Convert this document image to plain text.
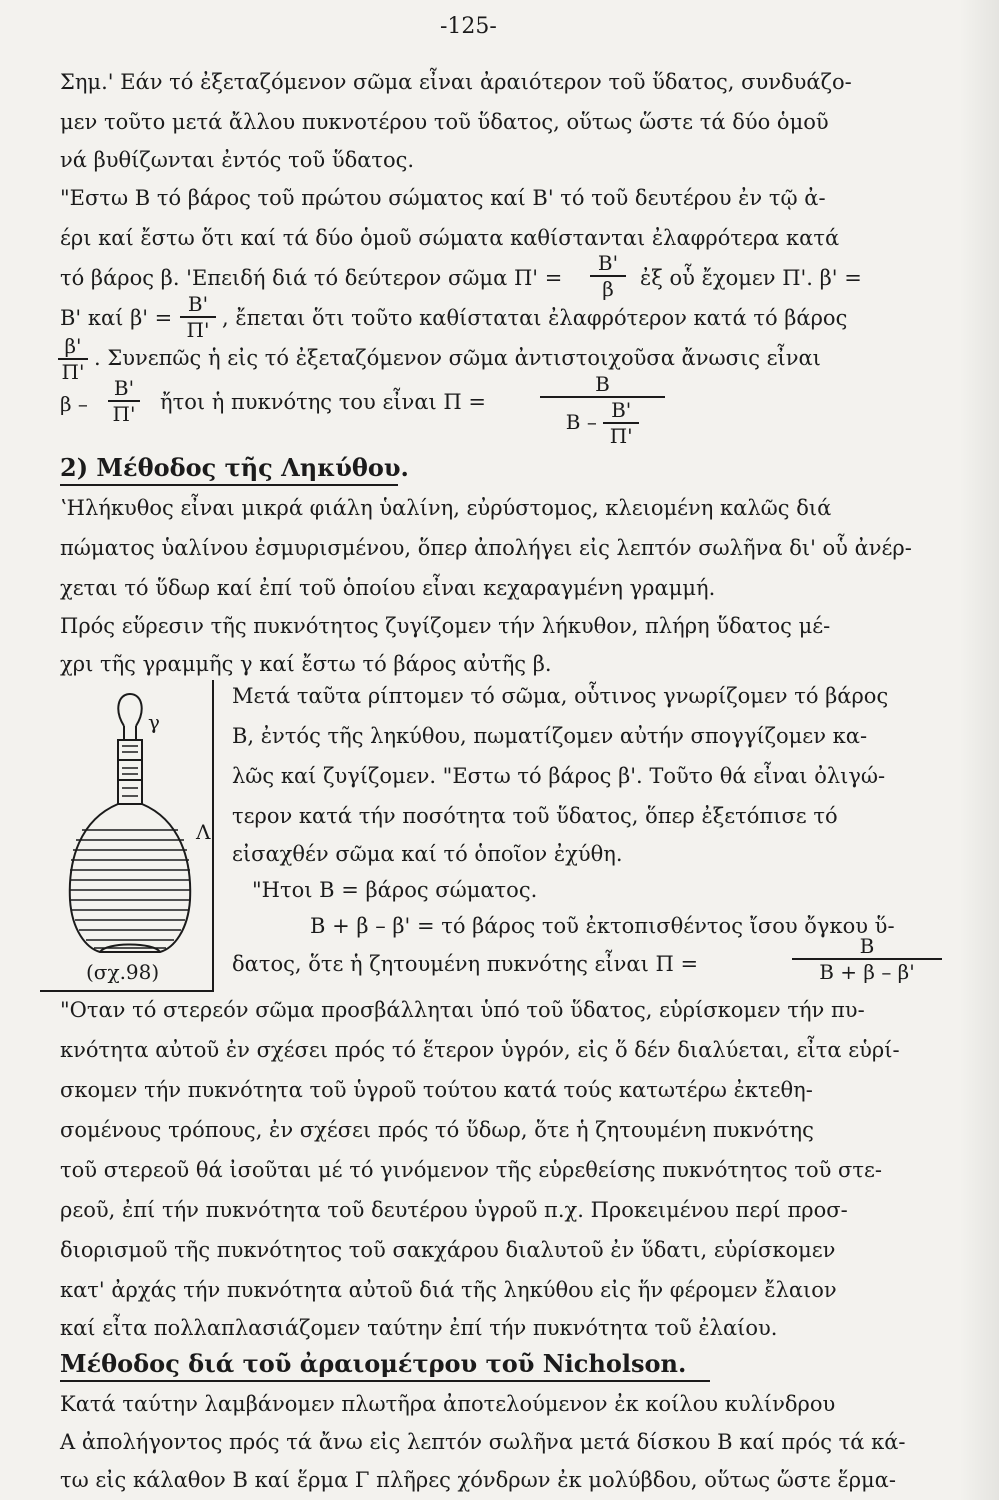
-125-
Σημ.' Εάν τό ἐξεταζόμενον σῶμα εἶναι ἀραιότερον τοῦ ὕδατος, συνδυάζο-
μεν τοῦτο μετά ἄλλου πυκνοτέρου τοῦ ὕδατος, οὕτως ὥστε τά δύο ὁμοῦ
νά βυθίζωνται ἐντός τοῦ ὕδατος.
"Εστω Β τό βάρος τοῦ πρώτου σώματος καί Β' τό τοῦ δευτέρου ἐν τῷ ἀ-
έρι καί ἔστω ὅτι καί τά δύο ὁμοῦ σώματα καθίστανται ἐλαφρότερα κατά
τό βάρος β. 'Επειδή διά τό δεύτερον σῶμα Π' =
Β'
β	ἐξ οὗ ἔχομεν Π'. β' =
Β' καί β' =
Β'
Π' , ἔπεται ὅτι τοῦτο καθίσταται ἐλαφρότερον κατά τό βάρος
β'
Π'
. Συνεπῶς ἡ εἰς τό ἐξεταζόμενον σῶμα ἀντιστοιχοῦσα ἄνωσις εἶναι
β –
Β'
Π' ἤτοι ἡ πυκνότης του εἶναι Π =
Β
Β – $\frac{B'}{\Pi'}$
2) Μέθοδος τῆς Ληκύθου.
ʽΗλήκυθος εἶναι μικρά φιάλη ὑαλίνη, εὐρύστομος, κλειομένη καλῶς διά
πώματος ὑαλίνου ἐσμυρισμένου, ὅπερ ἀπολήγει εἰς λεπτόν σωλῆνα δι' οὗ ἀνέρ-
χεται τό ὕδωρ καί ἐπί τοῦ ὁποίου εἶναι κεχαραγμένη γραμμή.
Πρός εὕρεσιν τῆς πυκνότητος ζυγίζομεν τήν λήκυθον, πλήρη ὕδατος μέ-
χρι τῆς γραμμῆς γ καί ἔστω τό βάρος αὐτῆς β.
γ
Λ
(σχ.98)
Μετά ταῦτα ρίπτομεν τό σῶμα, οὗτινος γνωρίζομεν τό βάρος
Β, ἐντός τῆς ληκύθου, πωματίζομεν αὐτήν σπογγίζομεν κα-
λῶς καί ζυγίζομεν. "Εστω τό βάρος β'. Τοῦτο θά εἶναι ὀλιγώ-
τερον κατά τήν ποσότητα τοῦ ὕδατος, ὅπερ ἐξετόπισε τό
εἰσαχθέν σῶμα καί τό ὁποῖον ἐχύθη.
"Ητοι Β = βάρος σώματος.
Β + β – β' = τό βάρος τοῦ ἐκτοπισθέντος ἴσου ὄγκου ὕ-
δατος, ὅτε ἡ ζητουμένη πυκνότης εἶναι Π =
Β
Β + β – β'
"Οταν τό στερεόν σῶμα προσβάλληται ὑπό τοῦ ὕδατος, εὑρίσκομεν τήν πυ-
κνότητα αὐτοῦ ἐν σχέσει πρός τό ἕτερον ὑγρόν, εἰς ὅ δέν διαλύεται, εἶτα εὑρί-
σκομεν τήν πυκνότητα τοῦ ὑγροῦ τούτου κατά τούς κατωτέρω ἐκτεθη-
σομένους τρόπους, ἐν σχέσει πρός τό ὕδωρ, ὅτε ἡ ζητουμένη πυκνότης
τοῦ στερεοῦ θά ἰσοῦται μέ τό γινόμενον τῆς εὑρεθείσης πυκνότητος τοῦ στε-
ρεοῦ, ἐπί τήν πυκνότητα τοῦ δευτέρου ὑγροῦ π.χ. Προκειμένου περί προσ-
διορισμοῦ τῆς πυκνότητος τοῦ σακχάρου διαλυτοῦ ἐν ὕδατι, εὑρίσκομεν
κατ' ἀρχάς τήν πυκνότητα αὐτοῦ διά τῆς ληκύθου εἰς ἥν φέρομεν ἔλαιον
καί εἶτα πολλαπλασιάζομεν ταύτην ἐπί τήν πυκνότητα τοῦ ἐλαίου.
Μέθοδος διά τοῦ ἀραιομέτρου τοῦ Nicholson.
Κατά ταύτην λαμβάνομεν πλωτῆρα ἀποτελούμενον ἐκ κοίλου κυλίνδρου
Α ἀπολήγοντος πρός τά ἄνω εἰς λεπτόν σωλῆνα μετά δίσκου Β καί πρός τά κά-
τω εἰς κάλαθον Β καί ἕρμα Γ πλῆρες χόνδρων ἐκ μολύβδου, οὕτως ὥστε ἕρμα-
